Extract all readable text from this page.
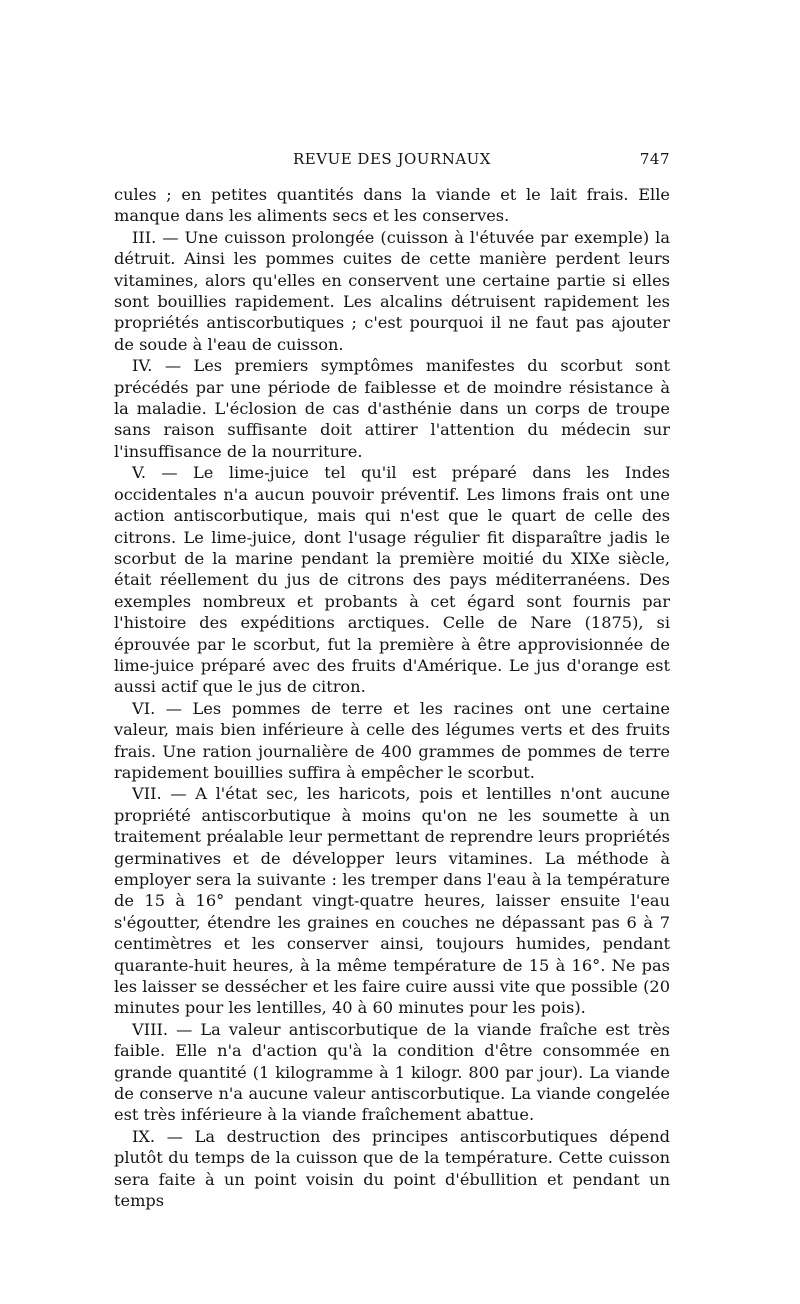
REVUE DES JOURNAUX	747

cules ; en petites quantités dans la viande et le lait frais. Elle manque dans les aliments secs et les conserves.

III. — Une cuisson prolongée (cuisson à l'étuvée par exemple) la détruit. Ainsi les pommes cuites de cette manière perdent leurs vitamines, alors qu'elles en conservent une certaine partie si elles sont bouillies rapidement. Les alcalins détruisent rapidement les propriétés antiscorbutiques ; c'est pourquoi il ne faut pas ajouter de soude à l'eau de cuisson.

IV. — Les premiers symptômes manifestes du scorbut sont précédés par une période de faiblesse et de moindre résistance à la maladie. L'éclosion de cas d'asthénie dans un corps de troupe sans raison suffisante doit attirer l'attention du médecin sur l'insuffisance de la nourriture.

V. — Le lime-juice tel qu'il est préparé dans les Indes occidentales n'a aucun pouvoir préventif. Les limons frais ont une action antiscorbutique, mais qui n'est que le quart de celle des citrons. Le lime-juice, dont l'usage régulier fit disparaître jadis le scorbut de la marine pendant la première moitié du XIXe siècle, était réellement du jus de citrons des pays méditerranéens. Des exemples nombreux et probants à cet égard sont fournis par l'histoire des expéditions arctiques. Celle de Nare (1875), si éprouvée par le scorbut, fut la première à être approvisionnée de lime-juice préparé avec des fruits d'Amérique. Le jus d'orange est aussi actif que le jus de citron.

VI. — Les pommes de terre et les racines ont une certaine valeur, mais bien inférieure à celle des légumes verts et des fruits frais. Une ration journalière de 400 grammes de pommes de terre rapidement bouillies suffira à empêcher le scorbut.

VII. — A l'état sec, les haricots, pois et lentilles n'ont aucune propriété antiscorbutique à moins qu'on ne les soumette à un traitement préalable leur permettant de reprendre leurs propriétés germinatives et de développer leurs vitamines. La méthode à employer sera la suivante : les tremper dans l'eau à la température de 15 à 16° pendant vingt-quatre heures, laisser ensuite l'eau s'égoutter, étendre les graines en couches ne dépassant pas 6 à 7 centimètres et les conserver ainsi, toujours humides, pendant quarante-huit heures, à la même température de 15 à 16°. Ne pas les laisser se dessécher et les faire cuire aussi vite que possible (20 minutes pour les lentilles, 40 à 60 minutes pour les pois).

VIII. — La valeur antiscorbutique de la viande fraîche est très faible. Elle n'a d'action qu'à la condition d'être consommée en grande quantité (1 kilogramme à 1 kilogr. 800 par jour). La viande de conserve n'a aucune valeur antiscorbutique. La viande congelée est très inférieure à la viande fraîchement abattue.

IX. — La destruction des principes antiscorbutiques dépend plutôt du temps de la cuisson que de la température. Cette cuisson sera faite à un point voisin du point d'ébullition et pendant un temps
